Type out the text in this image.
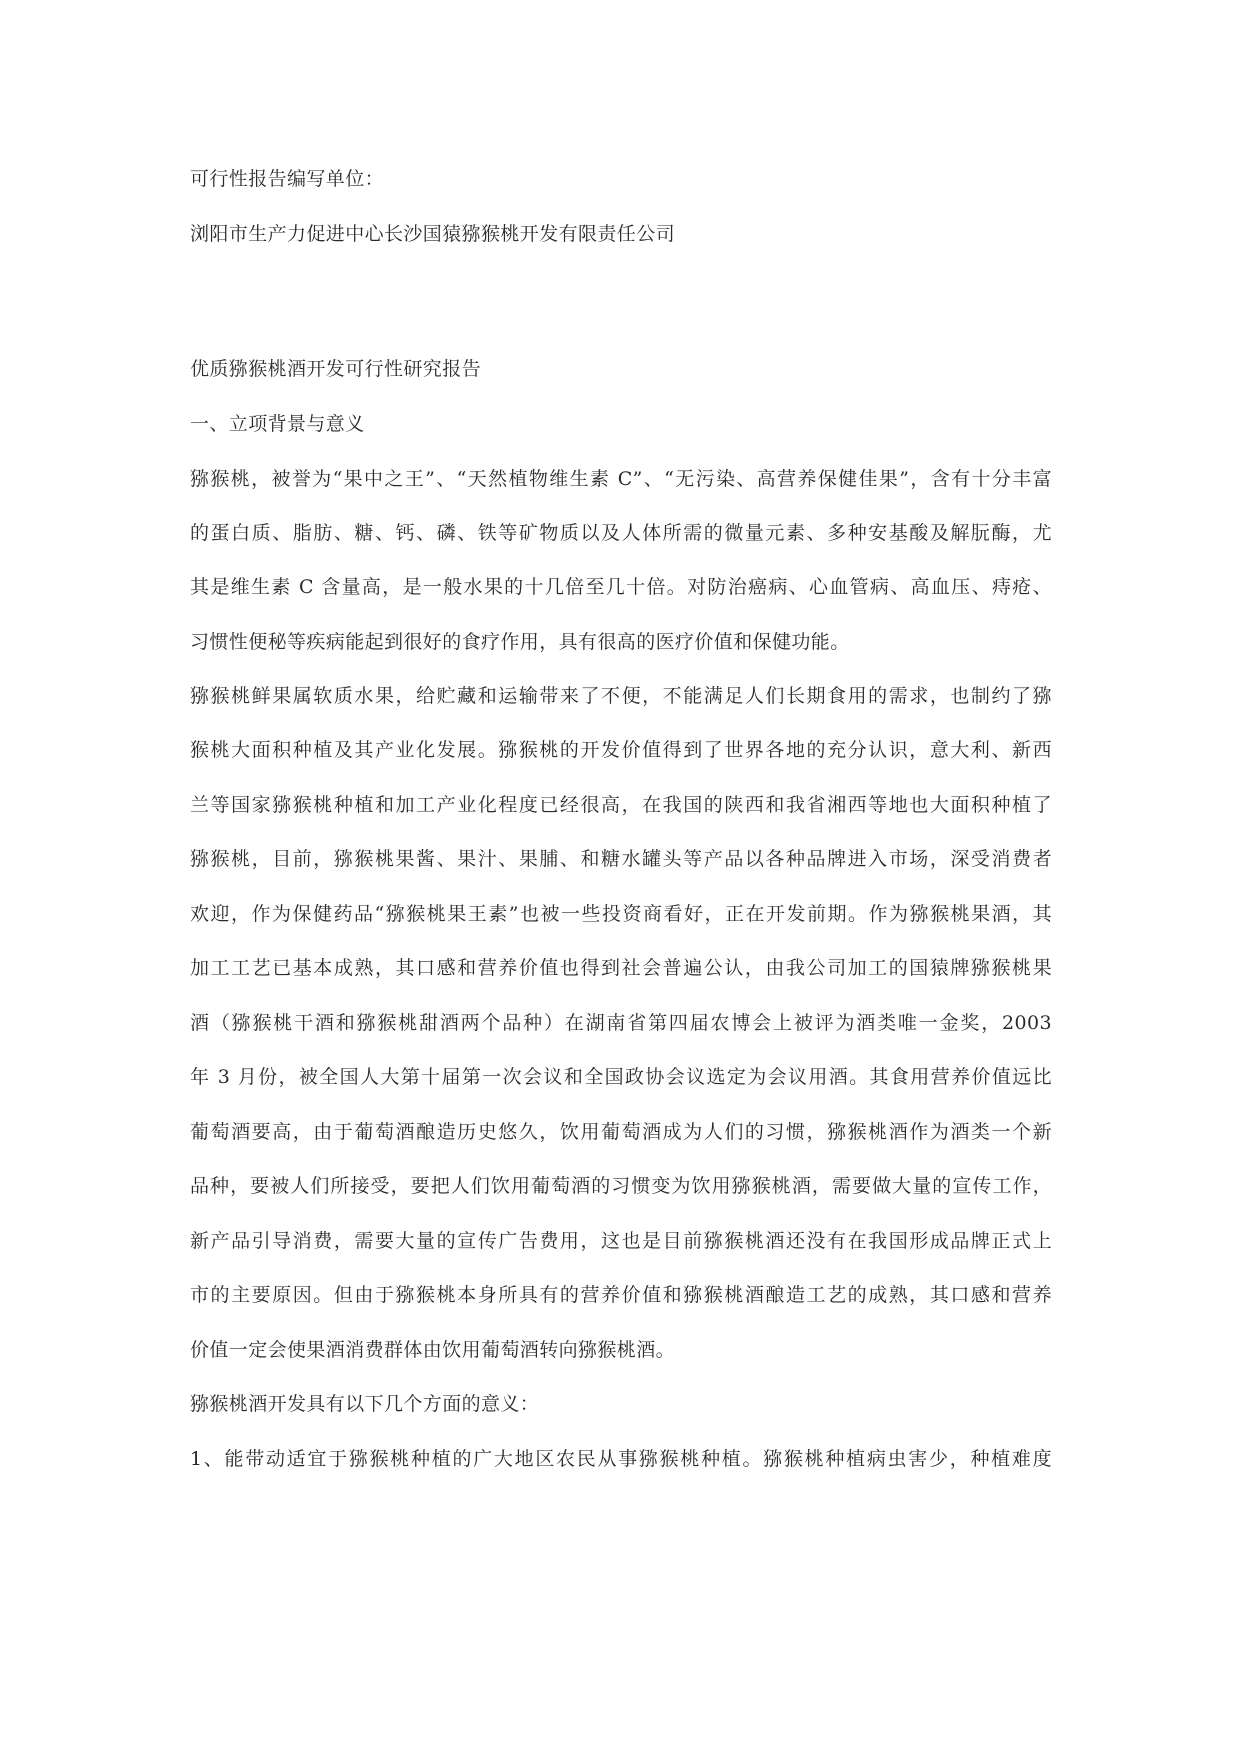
可行性报告编写单位：
浏阳市生产力促进中心长沙国猿猕猴桃开发有限责任公司
优质猕猴桃酒开发可行性研究报告
一、立项背景与意义
猕猴桃，被誉为“果中之王”、“天然植物维生素 C”、“无污染、高营养保健佳果”，含有十分丰富
的蛋白质、脂肪、糖、钙、磷、铁等矿物质以及人体所需的微量元素、多种安基酸及解朊酶，尤
其是维生素 C 含量高，是一般水果的十几倍至几十倍。对防治癌病、心血管病、高血压、痔疮、
习惯性便秘等疾病能起到很好的食疗作用，具有很高的医疗价值和保健功能。
猕猴桃鲜果属软质水果，给贮藏和运输带来了不便，不能满足人们长期食用的需求，也制约了猕
猴桃大面积种植及其产业化发展。猕猴桃的开发价值得到了世界各地的充分认识，意大利、新西
兰等国家猕猴桃种植和加工产业化程度已经很高，在我国的陕西和我省湘西等地也大面积种植了
猕猴桃，目前，猕猴桃果酱、果汁、果脯、和糖水罐头等产品以各种品牌进入市场，深受消费者
欢迎，作为保健药品“猕猴桃果王素”也被一些投资商看好，正在开发前期。作为猕猴桃果酒，其
加工工艺已基本成熟，其口感和营养价值也得到社会普遍公认，由我公司加工的国猿牌猕猴桃果
酒（猕猴桃干酒和猕猴桃甜酒两个品种）在湖南省第四届农博会上被评为酒类唯一金奖，2003
年 3 月份，被全国人大第十届第一次会议和全国政协会议选定为会议用酒。其食用营养价值远比
葡萄酒要高，由于葡萄酒酿造历史悠久，饮用葡萄酒成为人们的习惯，猕猴桃酒作为酒类一个新
品种，要被人们所接受，要把人们饮用葡萄酒的习惯变为饮用猕猴桃酒，需要做大量的宣传工作，
新产品引导消费，需要大量的宣传广告费用，这也是目前猕猴桃酒还没有在我国形成品牌正式上
市的主要原因。但由于猕猴桃本身所具有的营养价值和猕猴桃酒酿造工艺的成熟，其口感和营养
价值一定会使果酒消费群体由饮用葡萄酒转向猕猴桃酒。
猕猴桃酒开发具有以下几个方面的意义：
1、能带动适宜于猕猴桃种植的广大地区农民从事猕猴桃种植。猕猴桃种植病虫害少，种植难度
